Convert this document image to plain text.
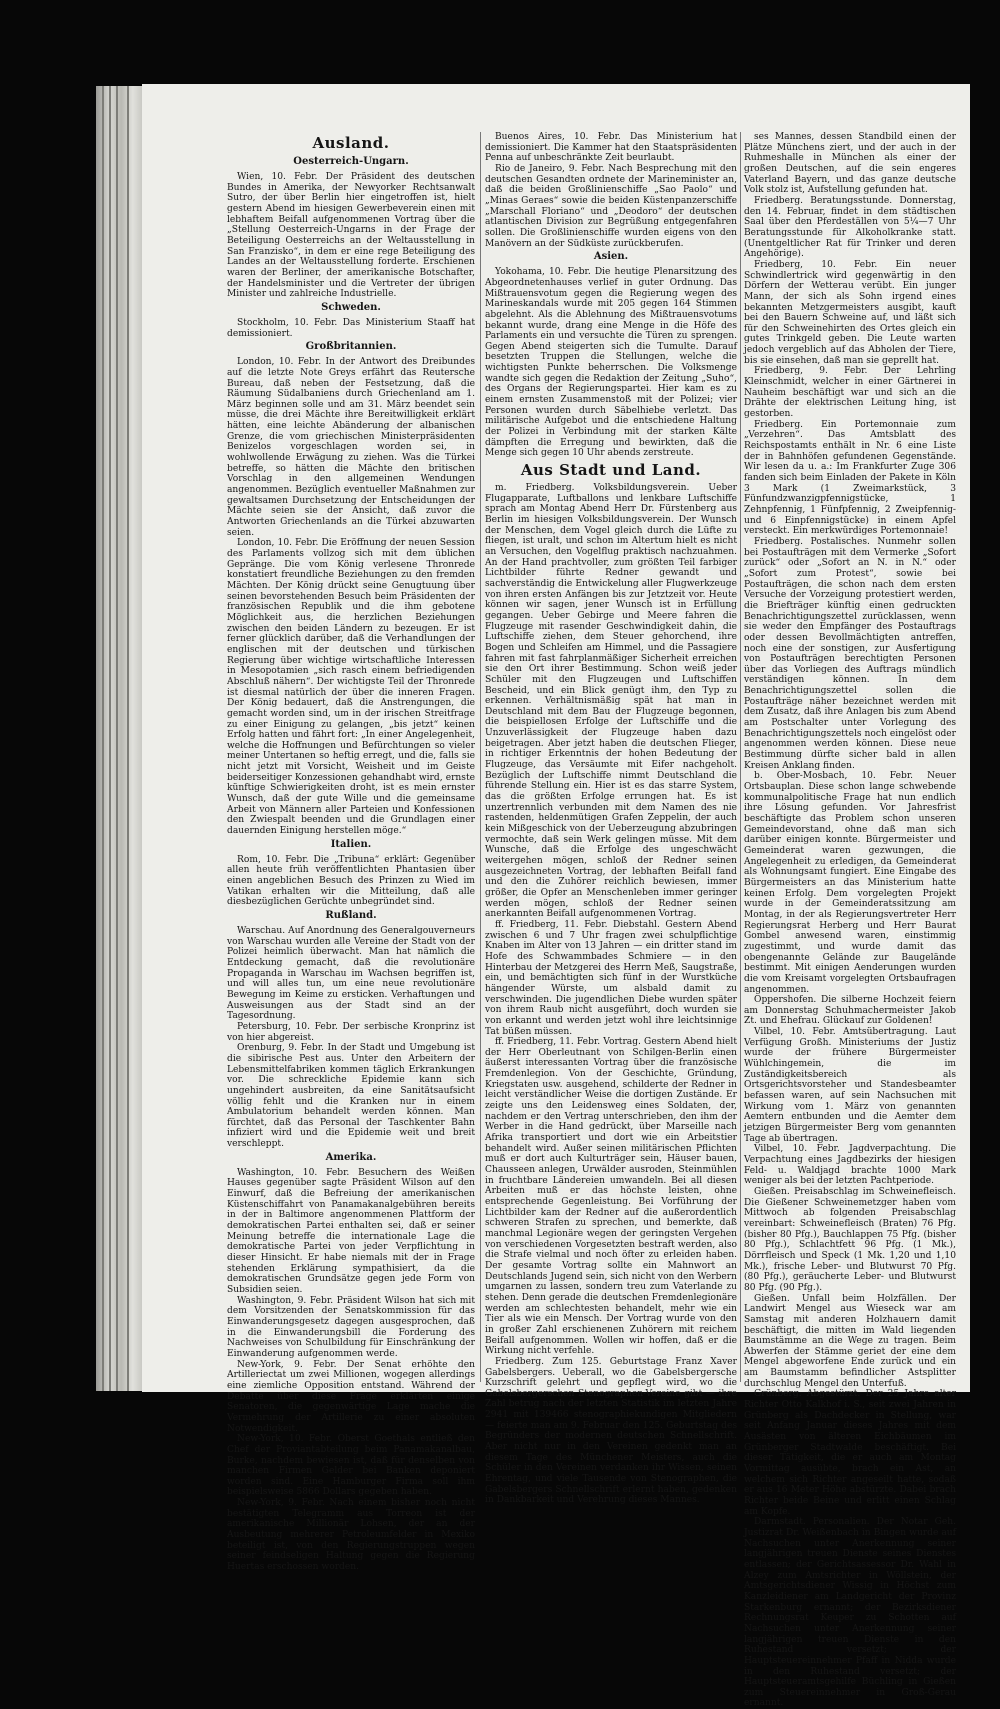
Ausland.
Oesterreich-Ungarn.

Wien, 10. Febr. Der Präsident des deutschen Bundes in Amerika, der Newyorker Rechtsanwalt Sutro, der über Berlin hier eingetroffen ist, hielt gestern Abend im hiesigen Gewerbeverein einen mit lebhaftem Beifall aufgenommenen Vortrag über die „Stellung Oesterreich-Ungarns in der Frage der Beteiligung Oesterreichs an der Weltausstellung in San Franzisko“, in dem er eine rege Beteiligung des Landes an der Weltausstellung forderte. Erschienen waren der Berliner, der amerikanische Botschafter, der Handelsminister und die Vertreter der übrigen Minister und zahlreiche Industrielle.

Schweden.

Stockholm, 10. Febr. Das Ministerium Staaff hat demissioniert.

Großbritannien.

London, 10. Febr. In der Antwort des Dreibundes auf die letzte Note Greys erfährt das Reutersche Bureau, daß neben der Festsetzung, daß die Räumung Südalbaniens durch Griechenland am 1. März beginnen solle und am 31. März beendet sein müsse, die drei Mächte ihre Bereitwilligkeit erklärt hätten, eine leichte Abänderung der albanischen Grenze, die vom griechischen Ministerpräsidenten Benizelos vorgeschlagen worden sei, in wohlwollende Erwägung zu ziehen. Was die Türkei betreffe, so hätten die Mächte den britischen Vorschlag in den allgemeinen Wendungen angenommen. Bezüglich eventueller Maßnahmen zur gewaltsamen Durchsetzung der Entscheidungen der Mächte seien sie der Ansicht, daß zuvor die Antworten Griechenlands an die Türkei abzuwarten seien.

London, 10. Febr. Die Eröffnung der neuen Session des Parlaments vollzog sich mit dem üblichen Gepränge. Die vom König verlesene Thronrede konstatiert freundliche Beziehungen zu den fremden Mächten. Der König drückt seine Genugtuung über seinen bevorstehenden Besuch beim Präsidenten der französischen Republik und die ihm gebotene Möglichkeit aus, die herzlichen Beziehungen zwischen den beiden Ländern zu bezeugen. Er ist ferner glücklich darüber, daß die Verhandlungen der englischen mit der deutschen und türkischen Regierung über wichtige wirtschaftliche Interessen in Mesopotamien „sich rasch einem befriedigenden Abschluß nähern“. Der wichtigste Teil der Thronrede ist diesmal natürlich der über die inneren Fragen. Der König bedauert, daß die Anstrengungen, die gemacht worden sind, um in der irischen Streitfrage zu einer Einigung zu gelangen, „bis jetzt“ keinen Erfolg hatten und fährt fort: „In einer Angelegenheit, welche die Hoffnungen und Befürchtungen so vieler meiner Untertanen so heftig erregt, und die, falls sie nicht jetzt mit Vorsicht, Weisheit und im Geiste beiderseitiger Konzessionen gehandhabt wird, ernste künftige Schwierigkeiten droht, ist es mein ernster Wunsch, daß der gute Wille und die gemeinsame Arbeit von Männern aller Parteien und Konfessionen den Zwiespalt beenden und die Grundlagen einer dauernden Einigung herstellen möge.“

Italien.

Rom, 10. Febr. Die „Tribuna“ erklärt: Gegenüber allen heute früh veröffentlichten Phantasien über einen angeblichen Besuch des Prinzen zu Wied im Vatikan erhalten wir die Mitteilung, daß alle diesbezüglichen Gerüchte unbegründet sind.

Rußland.

Warschau. Auf Anordnung des Generalgouverneurs von Warschau wurden alle Vereine der Stadt von der Polizei heimlich überwacht. Man hat nämlich die Entdeckung gemacht, daß die revolutionäre Propaganda in Warschau im Wachsen begriffen ist, und will alles tun, um eine neue revolutionäre Bewegung im Keime zu ersticken. Verhaftungen und Ausweisungen aus der Stadt sind an der Tagesordnung.

Petersburg, 10. Febr. Der serbische Kronprinz ist von hier abgereist.

Orenburg, 9. Febr. In der Stadt und Umgebung ist die sibirische Pest aus. Unter den Arbeitern der Lebensmittelfabriken kommen täglich Erkrankungen vor. Die schreckliche Epidemie kann sich ungehindert ausbreiten, da eine Sanitätsaufsicht völlig fehlt und die Kranken nur in einem Ambulatorium behandelt werden können. Man fürchtet, daß das Personal der Taschkenter Bahn infiziert wird und die Epidemie weit und breit verschleppt.

Amerika.

Washington, 10. Febr. Besuchern des Weißen Hauses gegenüber sagte Präsident Wilson auf den Einwurf, daß die Befreiung der amerikanischen Küstenschiffahrt von Panamakanalgebühren bereits in der in Baltimore angenommenen Plattform der demokratischen Partei enthalten sei, daß er seiner Meinung betreffe die internationale Lage die demokratische Partei von jeder Verpflichtung in dieser Hinsicht. Er habe niemals mit der in Frage stehenden Erklärung sympathisiert, da die demokratischen Grundsätze gegen jede Form von Subsidien seien.

Washington, 9. Febr. Präsident Wilson hat sich mit dem Vorsitzenden der Senatskommission für das Einwanderungsgesetz dagegen ausgesprochen, daß in die Einwanderungsbill die Forderung des Nachweises von Schulbildung für Einschränkung der Einwanderung aufgenommen werde.

New-York, 9. Febr. Der Senat erhöhte den Artilleriectat um zwei Millionen, wogegen allerdings eine ziemliche Opposition entstand. Während der Debatte über diese Frage erklärten einige Senatoren, die gegenwärtige Lage mache die Vermehrung der Artillerie zu einer absoluten Notwendigkeit.

New-York, 10. Febr. Oberst Goethals entließ den Chef der Proviantabteilung beim Panamakanalbau, Burke, nachdem bewiesen ist, daß für denselben von manchen Firmen Gelder bei Banken deponiert worden sind. Eine Hamburger Firma soll ihm beispielsweise 5866 Dollars gegeben haben.

New-York, 9. Febr. Nach einem bisher noch nicht bestätigten Telegramm aus Torreon ist der amerikanische Millionär Lohsen, der an der Ausbeutung mehrerer Petroleumfelder in Mexiko beteiligt ist, von den Regierungstruppen wegen seiner feindseligen Haltung gegen die Regierung Huertas erschossen worden.

Buenos Aires, 10. Febr. Das Ministerium hat demissioniert. Die Kammer hat den Staatspräsidenten Penna auf unbeschränkte Zeit beurlaubt.

Rio de Janeiro, 9. Febr. Nach Besprechung mit den deutschen Gesandten ordnete der Marineminister an, daß die beiden Großlinienschiffe „Sao Paolo“ und „Minas Geraes“ sowie die beiden Küstenpanzerschiffe „Marschall Floriano“ und „Deodoro“ der deutschen atlantischen Division zur Begrüßung entgegenfahren sollen. Die Großlinienschiffe wurden eigens von den Manövern an der Südküste zurückberufen.

Asien.

Yokohama, 10. Febr. Die heutige Plenarsitzung des Abgeordnetenhauses verlief in guter Ordnung. Das Mißtrauensvotum gegen die Regierung wegen des Marineskandals wurde mit 205 gegen 164 Stimmen abgelehnt. Als die Ablehnung des Mißtrauensvotums bekannt wurde, drang eine Menge in die Höfe des Parlaments ein und versuchte die Türen zu sprengen. Gegen Abend steigerten sich die Tumulte. Darauf besetzten Truppen die Stellungen, welche die wichtigsten Punkte beherrschen. Die Volksmenge wandte sich gegen die Redaktion der Zeitung „Suho“, des Organs der Regierungspartei. Hier kam es zu einem ernsten Zusammenstoß mit der Polizei; vier Personen wurden durch Säbelhiebe verletzt. Das militärische Aufgebot und die entschiedene Haltung der Polizei in Verbindung mit der starken Kälte dämpften die Erregung und bewirkten, daß die Menge sich gegen 10 Uhr abends zerstreute.

Aus Stadt und Land.

m. Friedberg. Volksbildungsverein. Ueber Flugapparate, Luftballons und lenkbare Luftschiffe sprach am Montag Abend Herr Dr. Fürstenberg aus Berlin im hiesigen Volksbildungsverein. Der Wunsch der Menschen, dem Vogel gleich durch die Lüfte zu fliegen, ist uralt, und schon im Altertum hielt es nicht an Versuchen, den Vogelflug praktisch nachzuahmen. An der Hand prachtvoller, zum größten Teil farbiger Lichtbilder führte Redner gewandt und sachverständig die Entwickelung aller Flugwerkzeuge von ihren ersten Anfängen bis zur Jetztzeit vor. Heute können wir sagen, jener Wunsch ist in Erfüllung gegangen. Ueber Gebirge und Meere fahren die Flugzeuge mit rasender Geschwindigkeit dahin, die Luftschiffe ziehen, dem Steuer gehorchend, ihre Bogen und Schleifen am Himmel, und die Passagiere fahren mit fast fahrplanmäßiger Sicherheit erreichen sie den Ort ihrer Bestimmung. Schon weiß jeder Schüler mit den Flugzeugen und Luftschiffen Bescheid, und ein Blick genügt ihm, den Typ zu erkennen. Verhältnismäßig spät hat man in Deutschland mit dem Bau der Flugzeuge begonnen, die beispiellosen Erfolge der Luftschiffe und die Unzuverlässigkeit der Flugzeuge haben dazu beigetragen. Aber jetzt haben die deutschen Flieger, in richtiger Erkenntnis der hohen Bedeutung der Flugzeuge, das Versäumte mit Eifer nachgeholt. Bezüglich der Luftschiffe nimmt Deutschland die führende Stellung ein. Hier ist es das starre System, das die größten Erfolge errungen hat. Es ist unzertrennlich verbunden mit dem Namen des nie rastenden, heldenmütigen Grafen Zeppelin, der auch kein Mißgeschick von der Ueberzeugung abzubringen vermochte, daß sein Werk gelingen müsse. Mit dem Wunsche, daß die Erfolge des ungeschwächt weitergehen mögen, schloß der Redner seinen ausgezeichneten Vortrag, der lebhaften Beifall fand und den die Zuhörer reichlich bewiesen, immer größer, die Opfer an Menschenleben immer geringer werden mögen, schloß der Redner seinen anerkannten Beifall aufgenommenen Vortrag.

ff. Friedberg, 11. Febr. Diebstahl. Gestern Abend zwischen 6 und 7 Uhr fragen zwei schulpflichtige Knaben im Alter von 13 Jahren — ein dritter stand im Hofe des Schwammbades Schmiere — in den Hinterbau der Metzgerei des Herrn Meß, Saugstraße, ein, und bemächtigten sich fünf in der Wurstküche hängender Würste, um alsbald damit zu verschwinden. Die jugendlichen Diebe wurden später von ihrem Raub nicht ausgeführt, doch wurden sie von erkannt und werden jetzt wohl ihre leichtsinnige Tat büßen müssen.

ff. Friedberg, 11. Febr. Vortrag. Gestern Abend hielt der Herr Oberleutnant von Schilgen-Berlin einen äußerst interessanten Vortrag über die französische Fremdenlegion. Von der Geschichte, Gründung, Kriegstaten usw. ausgehend, schilderte der Redner in leicht verständlicher Weise die dortigen Zustände. Er zeigte uns den Leidensweg eines Soldaten, der, nachdem er den Vertrag unterschrieben, den ihm der Werber in die Hand gedrückt, über Marseille nach Afrika transportiert und dort wie ein Arbeitstier behandelt wird. Außer seinen militärischen Pflichten muß er dort auch Kulturträger sein, Häuser bauen, Chausseen anlegen, Urwälder ausroden, Steinmühlen in fruchtbare Ländereien umwandeln. Bei all diesen Arbeiten muß er das höchste leisten, ohne entsprechende Gegenleistung. Bei Vorführung der Lichtbilder kam der Redner auf die außerordentlich schweren Strafen zu sprechen, und bemerkte, daß manchmal Legionäre wegen der geringsten Vergehen von verschiedenen Vorgesetzten bestraft werden, also die Strafe vielmal und noch öfter zu erleiden haben. Der gesamte Vortrag sollte ein Mahnwort an Deutschlands Jugend sein, sich nicht von den Werbern umgarnen zu lassen, sondern treu zum Vaterlande zu stehen. Denn gerade die deutschen Fremdenlegionäre werden am schlechtesten behandelt, mehr wie ein Tier als wie ein Mensch. Der Vortrag wurde von den in großer Zahl erschienenen Zuhörern mit reichem Beifall aufgenommen. Wollen wir hoffen, daß er die Wirkung nicht verfehle.

Friedberg. Zum 125. Geburtstage Franz Xaver Gabelsbergers. Ueberall, wo die Gabelsbergersche Kurzschrift gelehrt und gepflegt wird, wo die Gabelsbergerschen Stenographen-Vereine gibt — ihre Zahl betrug nach der letzten Statistik im letzten Jahre 2941 mit 139466 stenographiekundigen Mitgliedern — feierte man am 9. Februar den 125. Geburtstag des Begründers der modernen deutschen Schnellschrift. Aber nicht nur in den Vereinen gedenkt man an diesem Tage des Münchener Meisters, auch die Schüler in den Vereinen verdanken ihr Wissen, seinen Ehrentag, und viele Tausende von Stenographen, die Gabelsbergers Schnellschrift erlernt haben, gedenken in Dankbarkeit und Verehrung dieses Mannes.

ses Mannes, dessen Standbild einen der Plätze Münchens ziert, und der auch in der Ruhmeshalle in München als einer der großen Deutschen, auf die sein engeres Vaterland Bayern, und das ganze deutsche Volk stolz ist, Aufstellung gefunden hat.

Friedberg. Beratungsstunde. Donnerstag, den 14. Februar, findet in dem städtischen Saal über den Pferdeställen von 5¼—7 Uhr Beratungsstunde für Alkoholkranke statt. (Unentgeltlicher Rat für Trinker und deren Angehörige).

Friedberg, 10. Febr. Ein neuer Schwindlertrick wird gegenwärtig in den Dörfern der Wetterau verübt. Ein junger Mann, der sich als Sohn irgend eines bekannten Metzgermeisters ausgibt, kauft bei den Bauern Schweine auf, und läßt sich für den Schweinehirten des Ortes gleich ein gutes Trinkgeld geben. Die Leute warten jedoch vergeblich auf das Abholen der Tiere, bis sie einsehen, daß man sie geprellt hat.

Friedberg, 9. Febr. Der Lehrling Kleinschmidt, welcher in einer Gärtnerei in Nauheim beschäftigt war und sich an die Drähte der elektrischen Leitung hing, ist gestorben.

Friedberg. Ein Portemonnaie zum „Verzehren“. Das Amtsblatt des Reichspostamts enthält in Nr. 6 eine Liste der in Bahnhöfen gefundenen Gegenstände. Wir lesen da u. a.: Im Frankfurter Zuge 306 fanden sich beim Einladen der Pakete in Köln 3 Mark (1 Zweimarkstück, 3 Fünfundzwanzigpfennigstücke, 1 Zehnpfennig, 1 Fünfpfennig, 2 Zweipfennig- und 6 Einpfennigstücke) in einem Apfel versteckt. Ein merkwürdiges Portemonnaie!

Friedberg. Postalisches. Nunmehr sollen bei Postaufträgen mit dem Vermerke „Sofort zurück“ oder „Sofort an N. in N.“ oder „Sofort zum Protest“, sowie bei Postaufträgen, die schon nach dem ersten Versuche der Vorzeigung protestiert werden, die Briefträger künftig einen gedruckten Benachrichtigungszettel zurücklassen, wenn sie weder den Empfänger des Postauftrags oder dessen Bevollmächtigten antreffen, noch eine der sonstigen, zur Ausfertigung von Postaufträgen berechtigten Personen über das Vorliegen des Auftrags mündlich verständigen können. In dem Benachrichtigungszettel sollen die Postaufträge näher bezeichnet werden mit dem Zusatz, daß ihre Anlagen bis zum Abend am Postschalter unter Vorlegung des Benachrichtigungszettels noch eingelöst oder angenommen werden können. Diese neue Bestimmung dürfte sicher bald in allen Kreisen Anklang finden.

b. Ober-Mosbach, 10. Febr. Neuer Ortsbauplan. Diese schon lange schwebende kommunalpolitische Frage hat nun endlich ihre Lösung gefunden. Vor Jahresfrist beschäftigte das Problem schon unseren Gemeindevorstand, ohne daß man sich darüber einigen konnte. Bürgermeister und Gemeinderat waren gezwungen, die Angelegenheit zu erledigen, da Gemeinderat als Wohnungsamt fungiert. Eine Eingabe des Bürgermeisters an das Ministerium hatte keinen Erfolg. Dem vorgelegten Projekt wurde in der Gemeinderatssitzung am Montag, in der als Regierungsvertreter Herr Regierungsrat Herberg und Herr Baurat Gombel anwesend waren, einstimmig zugestimmt, und wurde damit das obengenannte Gelände zur Baugelände bestimmt. Mit einigen Aenderungen wurden die vom Kreisamt vorgelegten Ortsbaufragen angenommen.

Oppershofen. Die silberne Hochzeit feiern am Donnerstag Schuhmachermeister Jakob Zt. und Ehefrau. Glückauf zur Goldenen!

Vilbel, 10. Febr. Amtsübertragung. Laut Verfügung Großh. Ministeriums der Justiz wurde der frühere Bürgermeister Wühlchingemein, die im Zuständigkeitsbereich als Ortsgerichtsvorsteher und Standesbeamter befassen waren, auf sein Nachsuchen mit Wirkung vom 1. März von genannten Aemtern entbunden und die Aemter dem jetzigen Bürgermeister Berg vom genannten Tage ab übertragen.

Vilbel, 10. Febr. Jagdverpachtung. Die Verpachtung eines Jagdbezirks der hiesigen Feld- u. Waldjagd brachte 1000 Mark weniger als bei der letzten Pachtperiode.

Gießen. Preisabschlag im Schweinefleisch. Die Gießener Schweinemetzger haben vom Mittwoch ab folgenden Preisabschlag vereinbart: Schweinefleisch (Braten) 76 Pfg. (bisher 80 Pfg.), Bauchlappen 75 Pfg. (bisher 80 Pfg.), Schlachtfett 96 Pfg. (1 Mk.), Dörrfleisch und Speck (1 Mk. 1,20 und 1,10 Mk.), frische Leber- und Blutwurst 70 Pfg. (80 Pfg.), geräucherte Leber- und Blutwurst 80 Pfg. (90 Pfg.).

Gießen. Unfall beim Holzfällen. Der Landwirt Mengel aus Wieseck war am Samstag mit anderen Holzhauern damit beschäftigt, die mitten im Wald liegenden Baumstämme an die Wege zu tragen. Beim Abwerfen der Stämme geriet der eine dem Mengel abgeworfene Ende zurück und ein am Baumstamm befindlicher Astsplitter durchschlug Mengel den Unterfuß.

Grünberg. Abgestürzt. Der 25 Jahre alter Richter Otto Kalkhof i. S., seit zwei Jahren in Grünberg als Dachdecker in Stellung, war seit Anfang Januar dieses Jahres mit dem Ausästen von älteren Eichbäumen im Grünberger Stadtwalde beschäftigt. Bei dieser Tätigkeit, die er auch am Montag Vormittag ausübte, brach ein Ast, an welchem sich Richter angeseilt hatte, sodaß er aus 16 Meter Höhe abstürzte. Dabei brach Richter beide Beine und erlitt einen Schlag am Kopfe.

Darmstadt. Personalien. Der Notar Geh. Justizrat Dr. Weißenbach in Bingen wurde auf Nachsuchen unter Anerkennung seiner langjährigen treuen Dienste seines Dienstes entlassen; der Gerichtsassessor Dr. Wahl in Alzey zum Amtsrichter in Wöllstein, der Amtsgerichtsdiener Wissig in Höchst zum Kanzleidiener am Landgericht der Provinz Starkenburg ernannt; der Bezirksdiener Rechnungsrat Keuper zu Schotten auf Nachsuchen unter Anerkennung seiner langjährigen treuen Dienste in den Ruhestand versetzt; der Hauptsteuereinnehmer Pfaff in Nidda wurde in den Ruhestand versetzt; der Hauptsteueramtsgehilfe Büchling in Gießen zum Steuereinnehmer in Groß-Gerau ernannt.
